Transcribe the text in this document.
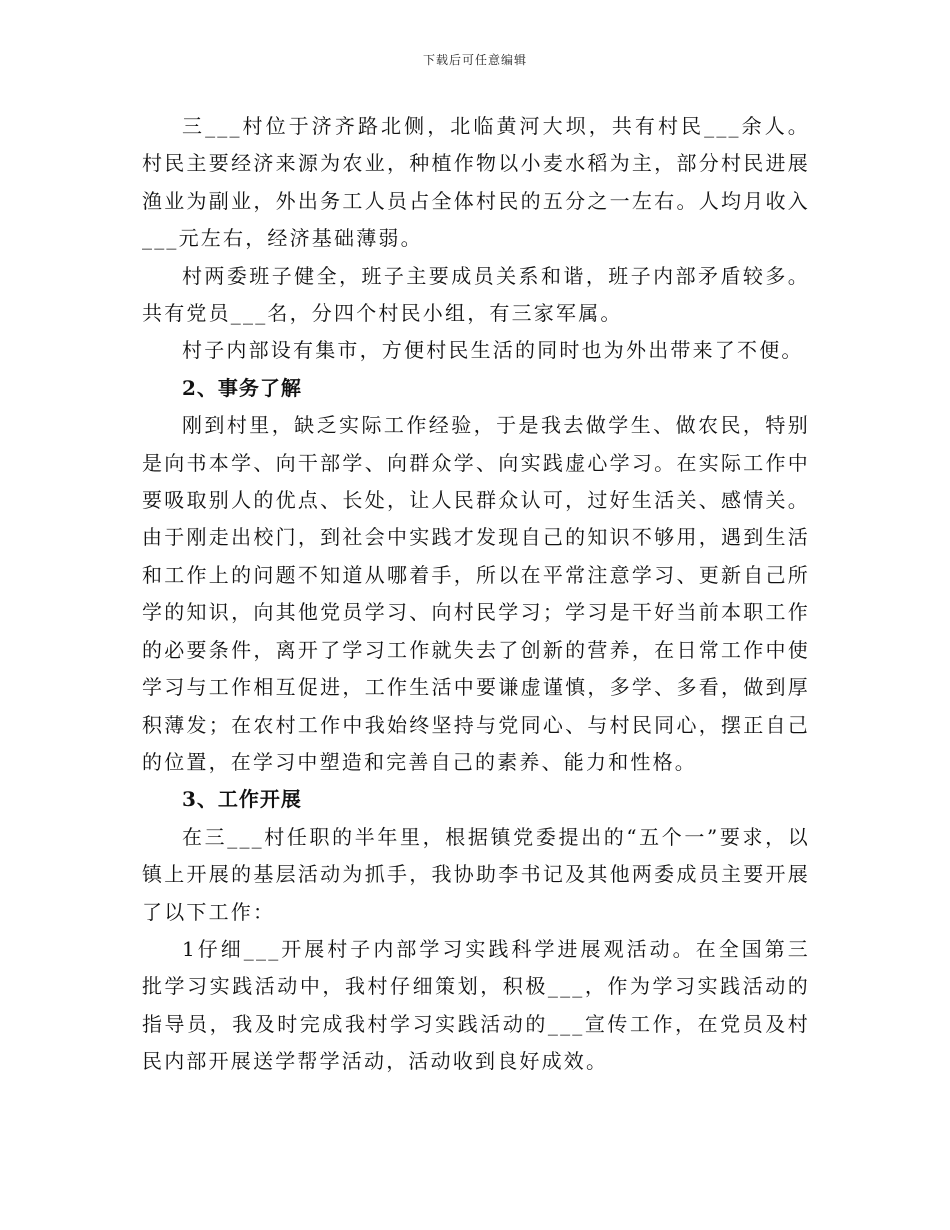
下载后可任意编辑

三___村位于济齐路北侧，北临黄河大坝，共有村民___余人。村民主要经济来源为农业，种植作物以小麦水稻为主，部分村民进展渔业为副业，外出务工人员占全体村民的五分之一左右。人均月收入___元左右，经济基础薄弱。

村两委班子健全，班子主要成员关系和谐，班子内部矛盾较多。共有党员___名，分四个村民小组，有三家军属。

村子内部设有集市，方便村民生活的同时也为外出带来了不便。

2、事务了解

刚到村里，缺乏实际工作经验，于是我去做学生、做农民，特别是向书本学、向干部学、向群众学、向实践虚心学习。在实际工作中要吸取别人的优点、长处，让人民群众认可，过好生活关、感情关。由于刚走出校门，到社会中实践才发现自己的知识不够用，遇到生活和工作上的问题不知道从哪着手，所以在平常注意学习、更新自己所学的知识，向其他党员学习、向村民学习；学习是干好当前本职工作的必要条件，离开了学习工作就失去了创新的营养，在日常工作中使学习与工作相互促进，工作生活中要谦虚谨慎，多学、多看，做到厚积薄发；在农村工作中我始终坚持与党同心、与村民同心，摆正自己的位置，在学习中塑造和完善自己的素养、能力和性格。

3、工作开展

在三___村任职的半年里，根据镇党委提出的“五个一”要求，以镇上开展的基层活动为抓手，我协助李书记及其他两委成员主要开展了以下工作：

1仔细___开展村子内部学习实践科学进展观活动。在全国第三批学习实践活动中，我村仔细策划，积极___，作为学习实践活动的指导员，我及时完成我村学习实践活动的___宣传工作，在党员及村民内部开展送学帮学活动，活动收到良好成效。
